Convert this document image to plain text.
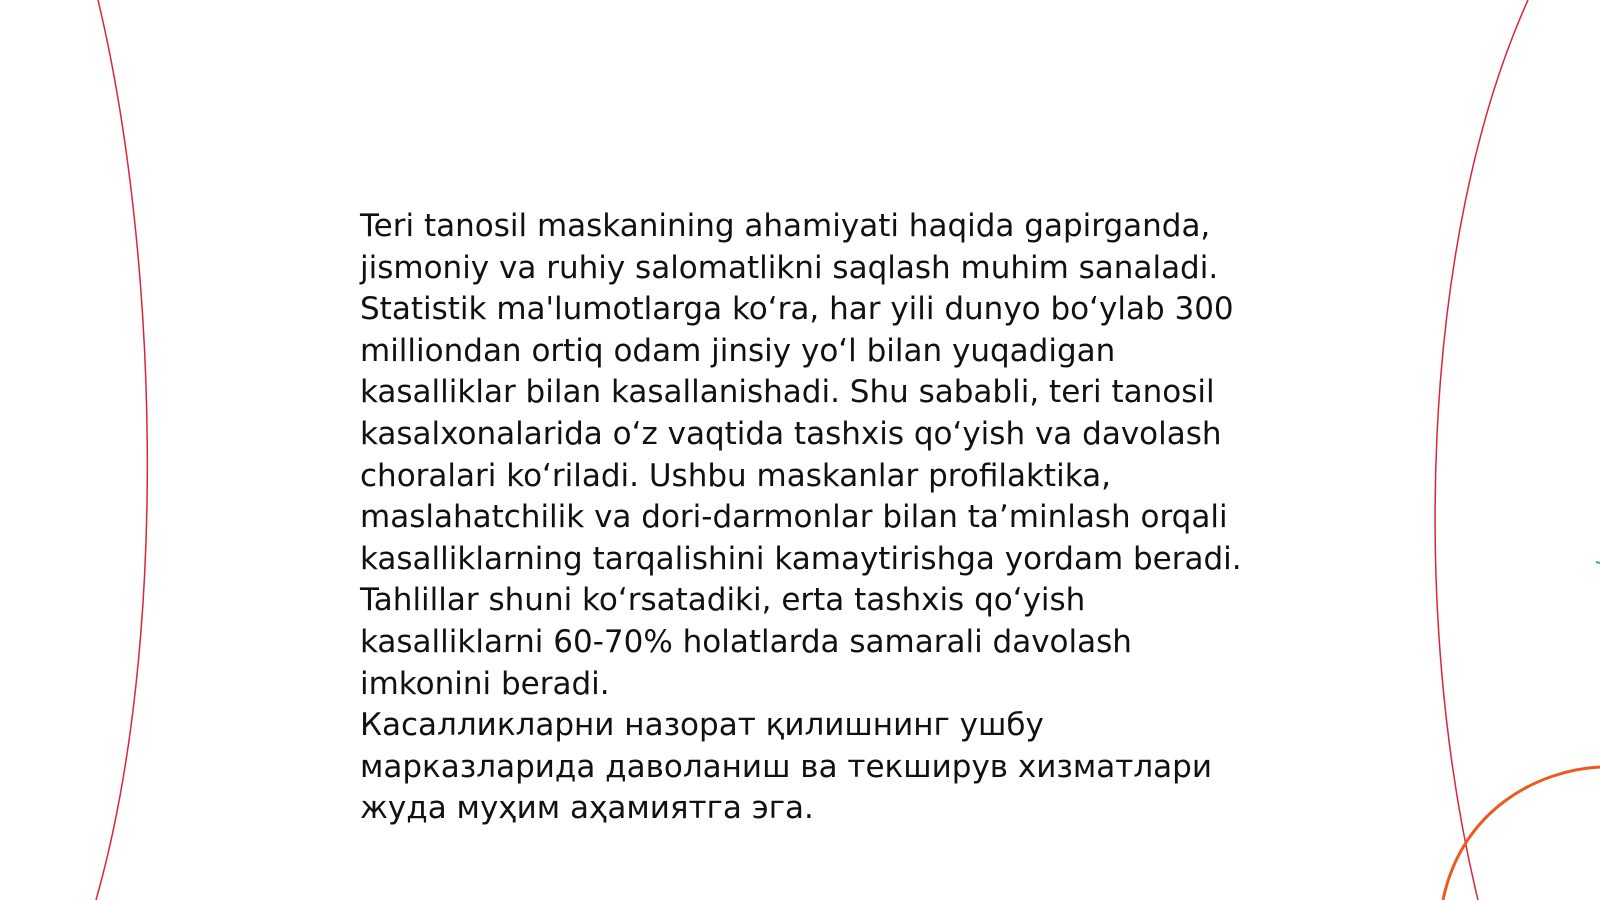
Teri tanosil maskanining ahamiyati haqida gapirganda, jismoniy va ruhiy salomatlikni saqlash muhim sanaladi. Statistik ma'lumotlarga koʻra, har yili dunyo boʻylab 300 milliondan ortiq odam jinsiy yoʻl bilan yuqadigan kasalliklar bilan kasallanishadi. Shu sababli, teri tanosil kasalxonalarida oʻz vaqtida tashxis qoʻyish va davolash choralari koʻriladi. Ushbu maskanlar profilaktika, maslahatchilik va dori-darmonlar bilan taʼminlash orqali kasalliklarning tarqalishini kamaytirishga yordam beradi. Tahlillar shuni koʻrsatadiki, erta tashxis qoʻyish kasalliklarni 60-70% holatlarda samarali davolash imkonini beradi.
Касалликларни назорат қилишнинг ушбу марказларида даволаниш ва текширув хизматлари жуда муҳим аҳамиятга эга.
